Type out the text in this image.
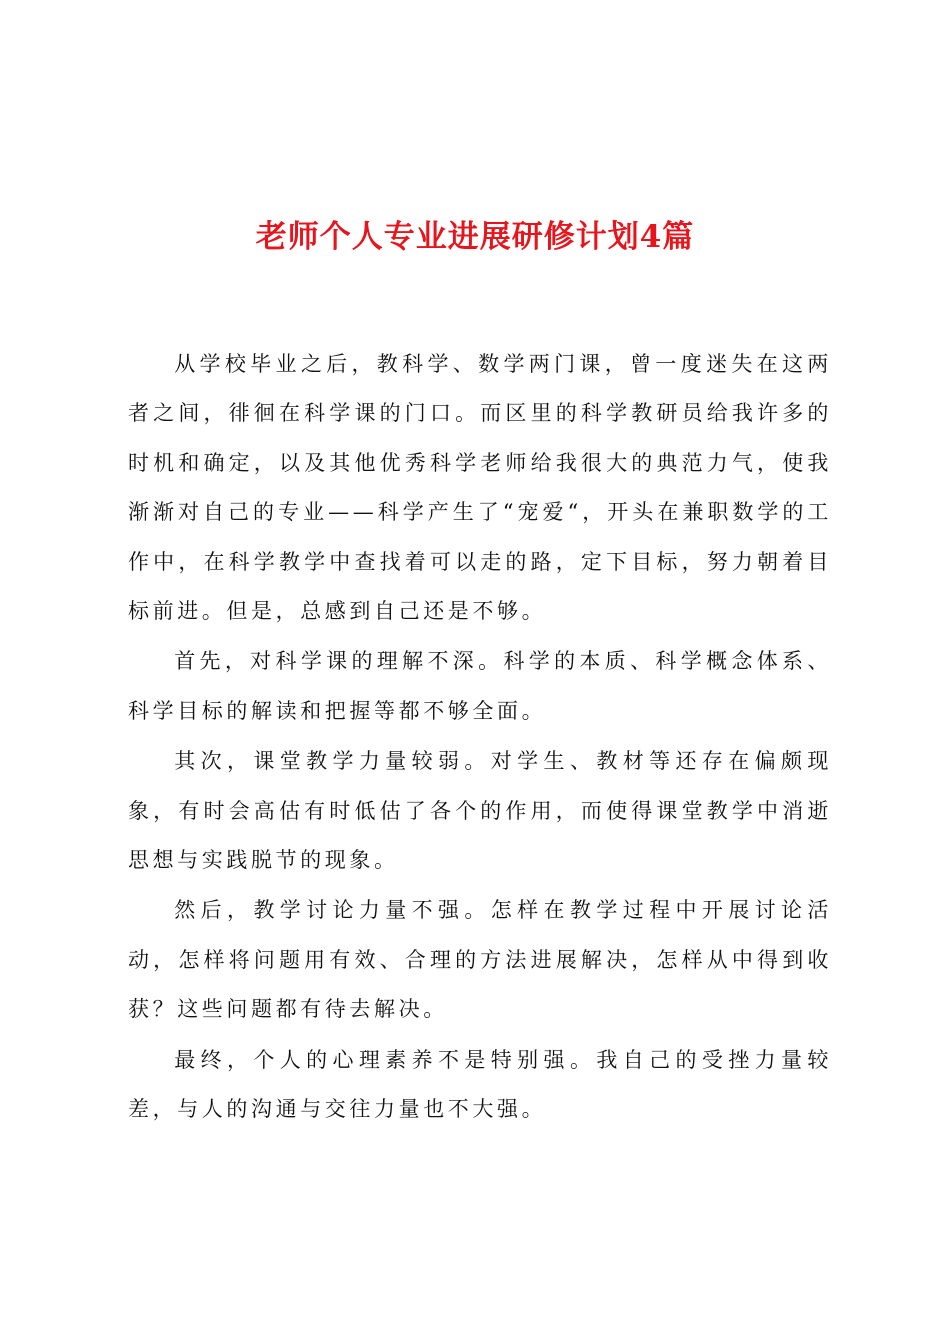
老师个人专业进展研修计划4篇

从学校毕业之后，教科学、数学两门课，曾一度迷失在这两者之间，徘徊在科学课的门口。而区里的科学教研员给我许多的时机和确定，以及其他优秀科学老师给我很大的典范力气，使我渐渐对自己的专业——科学产生了“宠爱“，开头在兼职数学的工作中，在科学教学中查找着可以走的路，定下目标，努力朝着目标前进。但是，总感到自己还是不够。

首先，对科学课的理解不深。科学的本质、科学概念体系、科学目标的解读和把握等都不够全面。

其次，课堂教学力量较弱。对学生、教材等还存在偏颇现象，有时会高估有时低估了各个的作用，而使得课堂教学中消逝思想与实践脱节的现象。

然后，教学讨论力量不强。怎样在教学过程中开展讨论活动，怎样将问题用有效、合理的方法进展解决，怎样从中得到收获？这些问题都有待去解决。

最终，个人的心理素养不是特别强。我自己的受挫力量较差，与人的沟通与交往力量也不大强。
